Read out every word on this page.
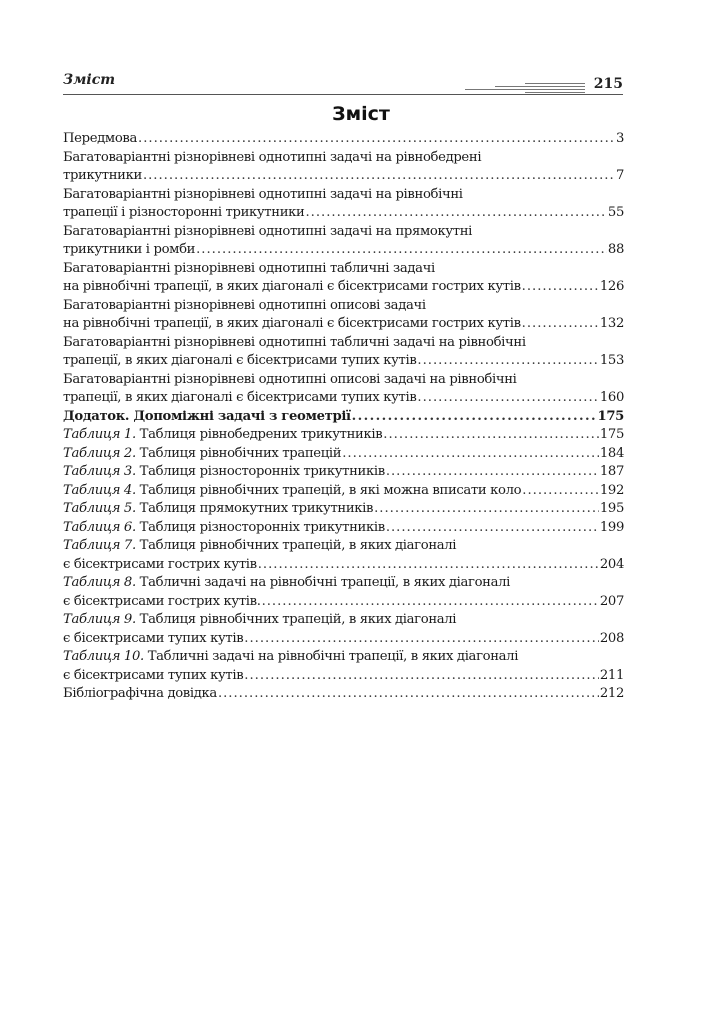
Зміст	215
Зміст
Передмова . . .	3
Багатоваріантні різнорівневі однотипні задачі на рівнобедрені
трикутники . . .	7
Багатоваріантні різнорівневі однотипні задачі на рівнобічні
трапеції і різносторонні трикутники . . .	55
Багатоваріантні різнорівневі однотипні задачі на прямокутні
трикутники і ромби . . .	88
Багатоваріантні різнорівневі однотипні табличні задачі
на рівнобічні трапеції, в яких діагоналі є бісектрисами гострих кутів . . .	126
Багатоваріантні різнорівневі однотипні описові задачі
на рівнобічні трапеції, в яких діагоналі є бісектрисами гострих кутів . . .	132
Багатоваріантні різнорівневі однотипні табличні задачі на рівнобічні
трапеції, в яких діагоналі є бісектрисами тупих кутів . . .	153
Багатоваріантні різнорівневі однотипні описові задачі на рівнобічні
трапеції, в яких діагоналі є бісектрисами тупих кутів . . .	160
Додаток. Допоміжні задачі з геометрії . . .	175
Таблиця 1. Таблиця рівнобедрених трикутників . . .	175
Таблиця 2. Таблиця рівнобічних трапецій . . .	184
Таблиця 3. Таблиця різносторонніх трикутників . . .	187
Таблиця 4. Таблиця рівнобічних трапецій, в які можна вписати коло . . .	192
Таблиця 5. Таблиця прямокутних трикутників . . .	195
Таблиця 6. Таблиця різносторонніх трикутників . . .	199
Таблиця 7. Таблиця рівнобічних трапецій, в яких діагоналі
є бісектрисами гострих кутів . . .	204
Таблиця 8. Табличні задачі на рівнобічні трапеції, в яких діагоналі
є бісектрисами гострих кутів. . . .	207
Таблиця 9. Таблиця рівнобічних трапецій, в яких діагоналі
є бісектрисами тупих кутів . . .	208
Таблиця 10. Табличні задачі на рівнобічні трапеції, в яких діагоналі
є бісектрисами тупих кутів . . .	211
Бібліографічна довідка . . .	212
